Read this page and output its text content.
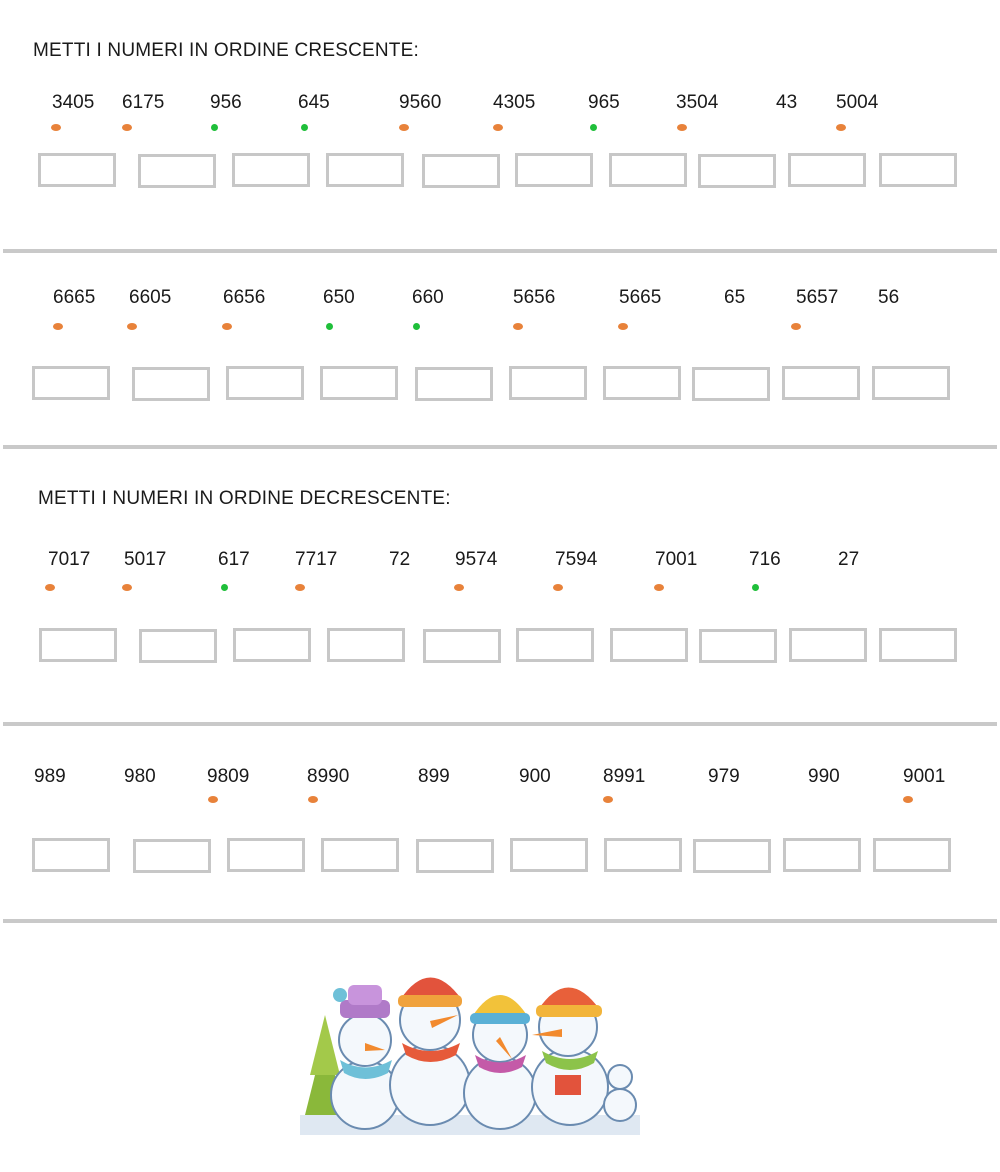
METTI I NUMERI IN ORDINE CRESCENTE:
METTI I NUMERI IN ORDINE DECRESCENTE:
3405 6175 956	645	9560	4305	965	3504	43 5004
6665 6605	6656	650	660	5656	5665	65	5657 56
7017 5017	617 7717	72 9574	7594	7001	716	27
989	980	9809	8990	899	900	8991	979	990	9001
